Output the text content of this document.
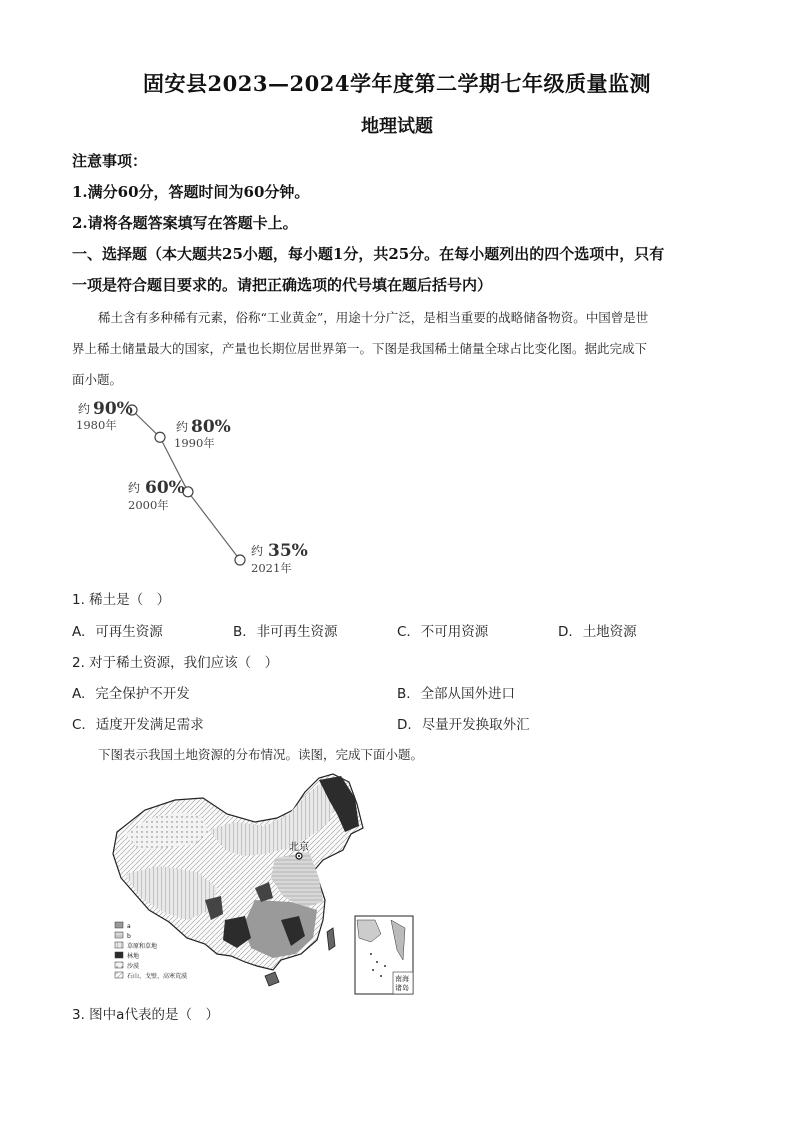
固安县2023—2024学年度第二学期七年级质量监测
地理试题
注意事项：
1.满分60分，答题时间为60分钟。
2.请将各题答案填写在答题卡上。
一、选择题（本大题共25小题，每小题1分，共25分。在每小题列出的四个选项中，只有
一项是符合题目要求的。请把正确选项的代号填在题后括号内）
稀土含有多种稀有元素，俗称“工业黄金”，用途十分广泛，是相当重要的战略储备物资。中国曾是世
界上稀土储量最大的国家，产量也长期位居世界第一。下图是我国稀土储量全球占比变化图。据此完成下
面小题。
约 90%
1980年	约 80%
1990年
约 60%
2000年
约 35%
2021年
1. 稀土是（　）
A. 可再生资源	B. 非可再生资源	C. 不可用资源	D. 土地资源
2. 对于稀土资源，我们应该（　）
A. 完全保护不开发	B. 全部从国外进口
C. 适度开发满足需求	D. 尽量开发换取外汇
下图表示我国土地资源的分布情况。读图，完成下面小题。
北京
a
b
草原和草地
林地
沙漠
石山、戈壁、高寒荒漠	南海
诸岛
3. 图中a代表的是（　）
